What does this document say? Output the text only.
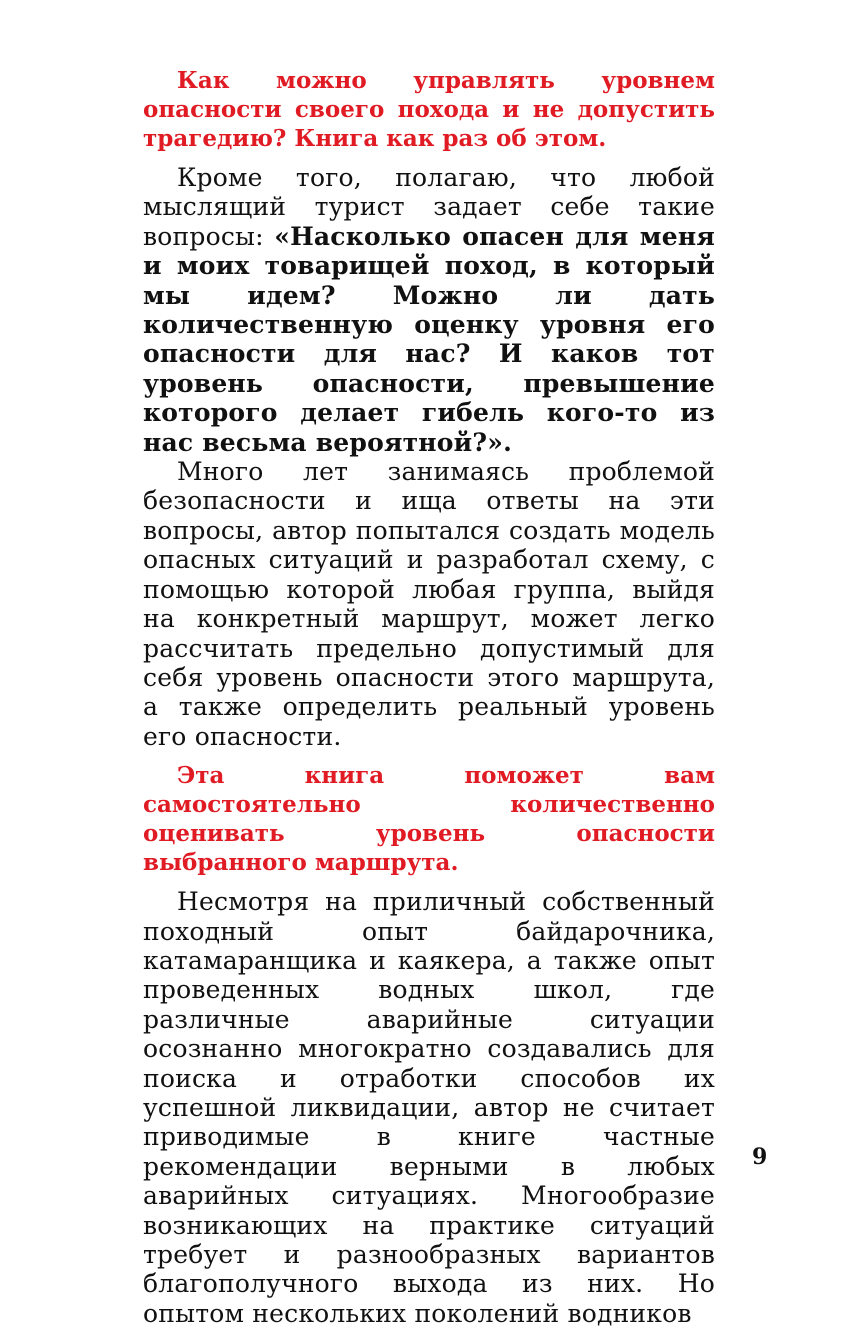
Как можно управлять уровнем опасности своего похода и не допустить трагедию? Книга как раз об этом.

Кроме того, полагаю, что любой мыслящий турист задает себе такие вопросы: «Насколько опасен для меня и моих товарищей поход, в который мы идем? Можно ли дать количественную оценку уровня его опасности для нас? И каков тот уровень опасности, превышение которого делает гибель кого-то из нас весьма вероятной?».

Много лет занимаясь проблемой безопасности и ища ответы на эти вопросы, автор попытался создать модель опасных ситуаций и разработал схему, с помощью которой любая группа, выйдя на конкретный маршрут, может легко рассчитать предельно допустимый для себя уровень опасности этого маршрута, а также определить реальный уровень его опасности.

Эта книга поможет вам самостоятельно количественно оценивать уровень опасности выбранного маршрута.

Несмотря на приличный собственный походный опыт байдарочника, катамаранщика и каякера, а также опыт проведенных водных школ, где различные аварийные ситуации осознанно многократно создавались для поиска и отработки способов их успешной ликвидации, автор не считает приводимые в книге частные рекомендации верными в любых аварийных ситуациях. Многообразие возникающих на практике ситуаций требует и разнообразных вариантов благополучного выхода из них. Но опытом нескольких поколений водников

9
